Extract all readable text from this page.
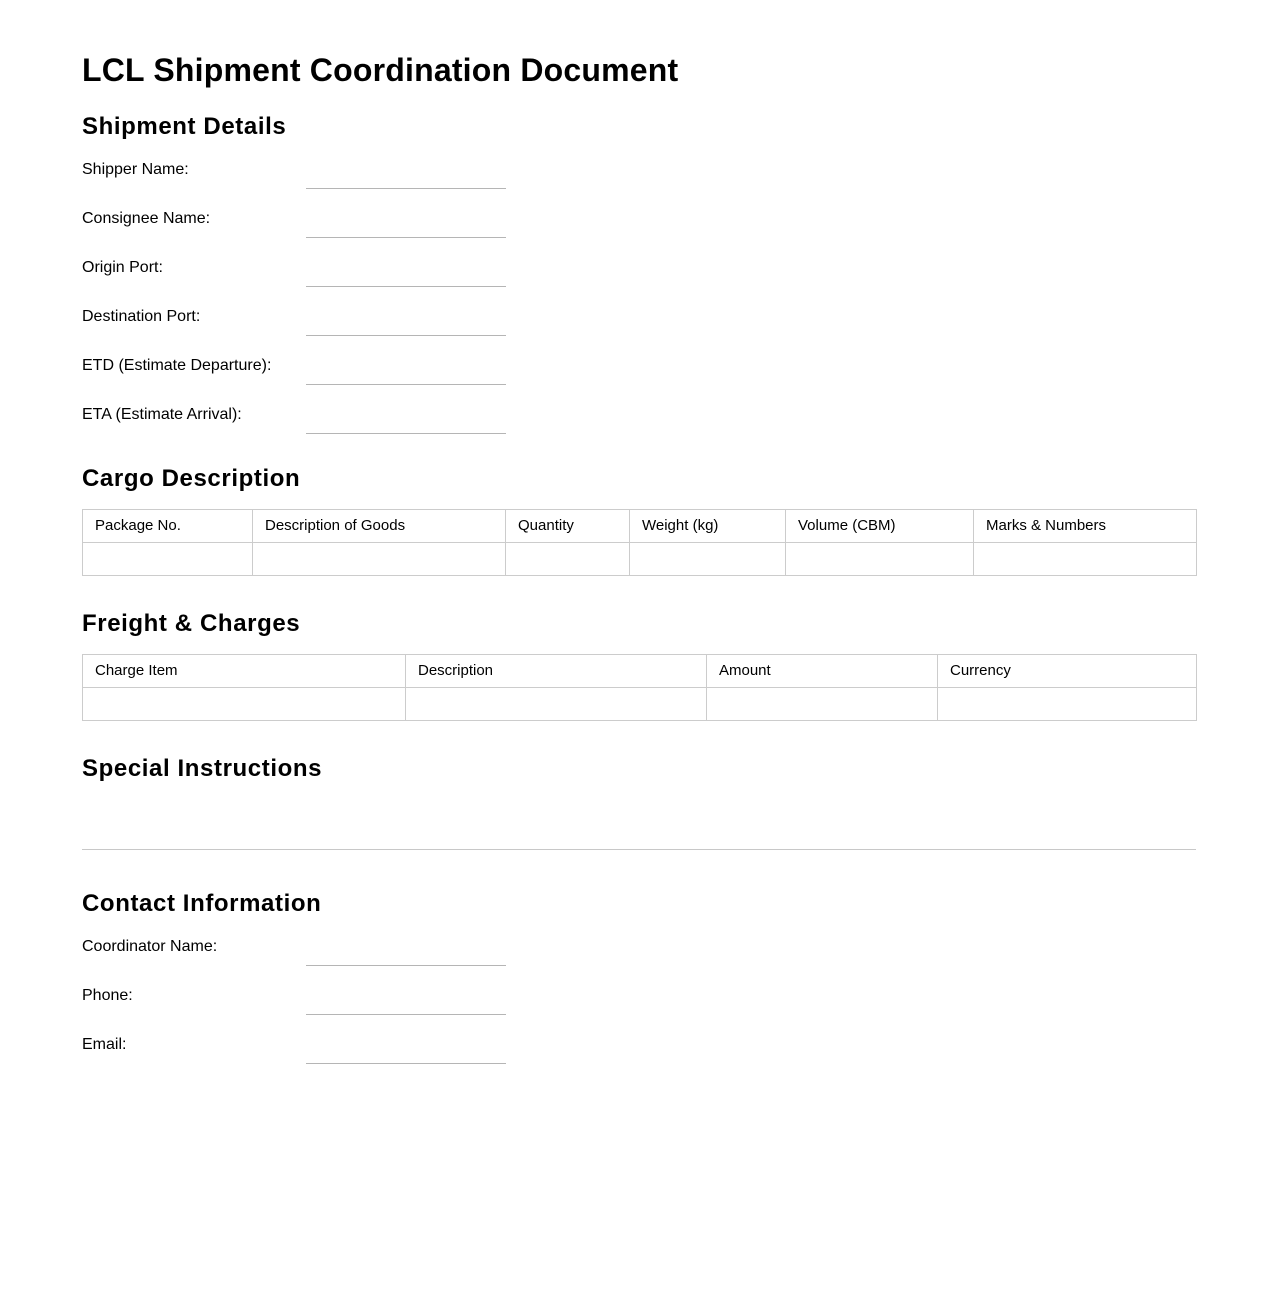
LCL Shipment Coordination Document
Shipment Details
Shipper Name:
Consignee Name:
Origin Port:
Destination Port:
ETD (Estimate Departure):
ETA (Estimate Arrival):
Cargo Description
Package No.	Description of Goods	Quantity	Weight (kg)	Volume (CBM)	Marks & Numbers

Freight & Charges
Charge Item	Description	Amount	Currency

Special Instructions
Contact Information
Coordinator Name:
Phone:
Email:
